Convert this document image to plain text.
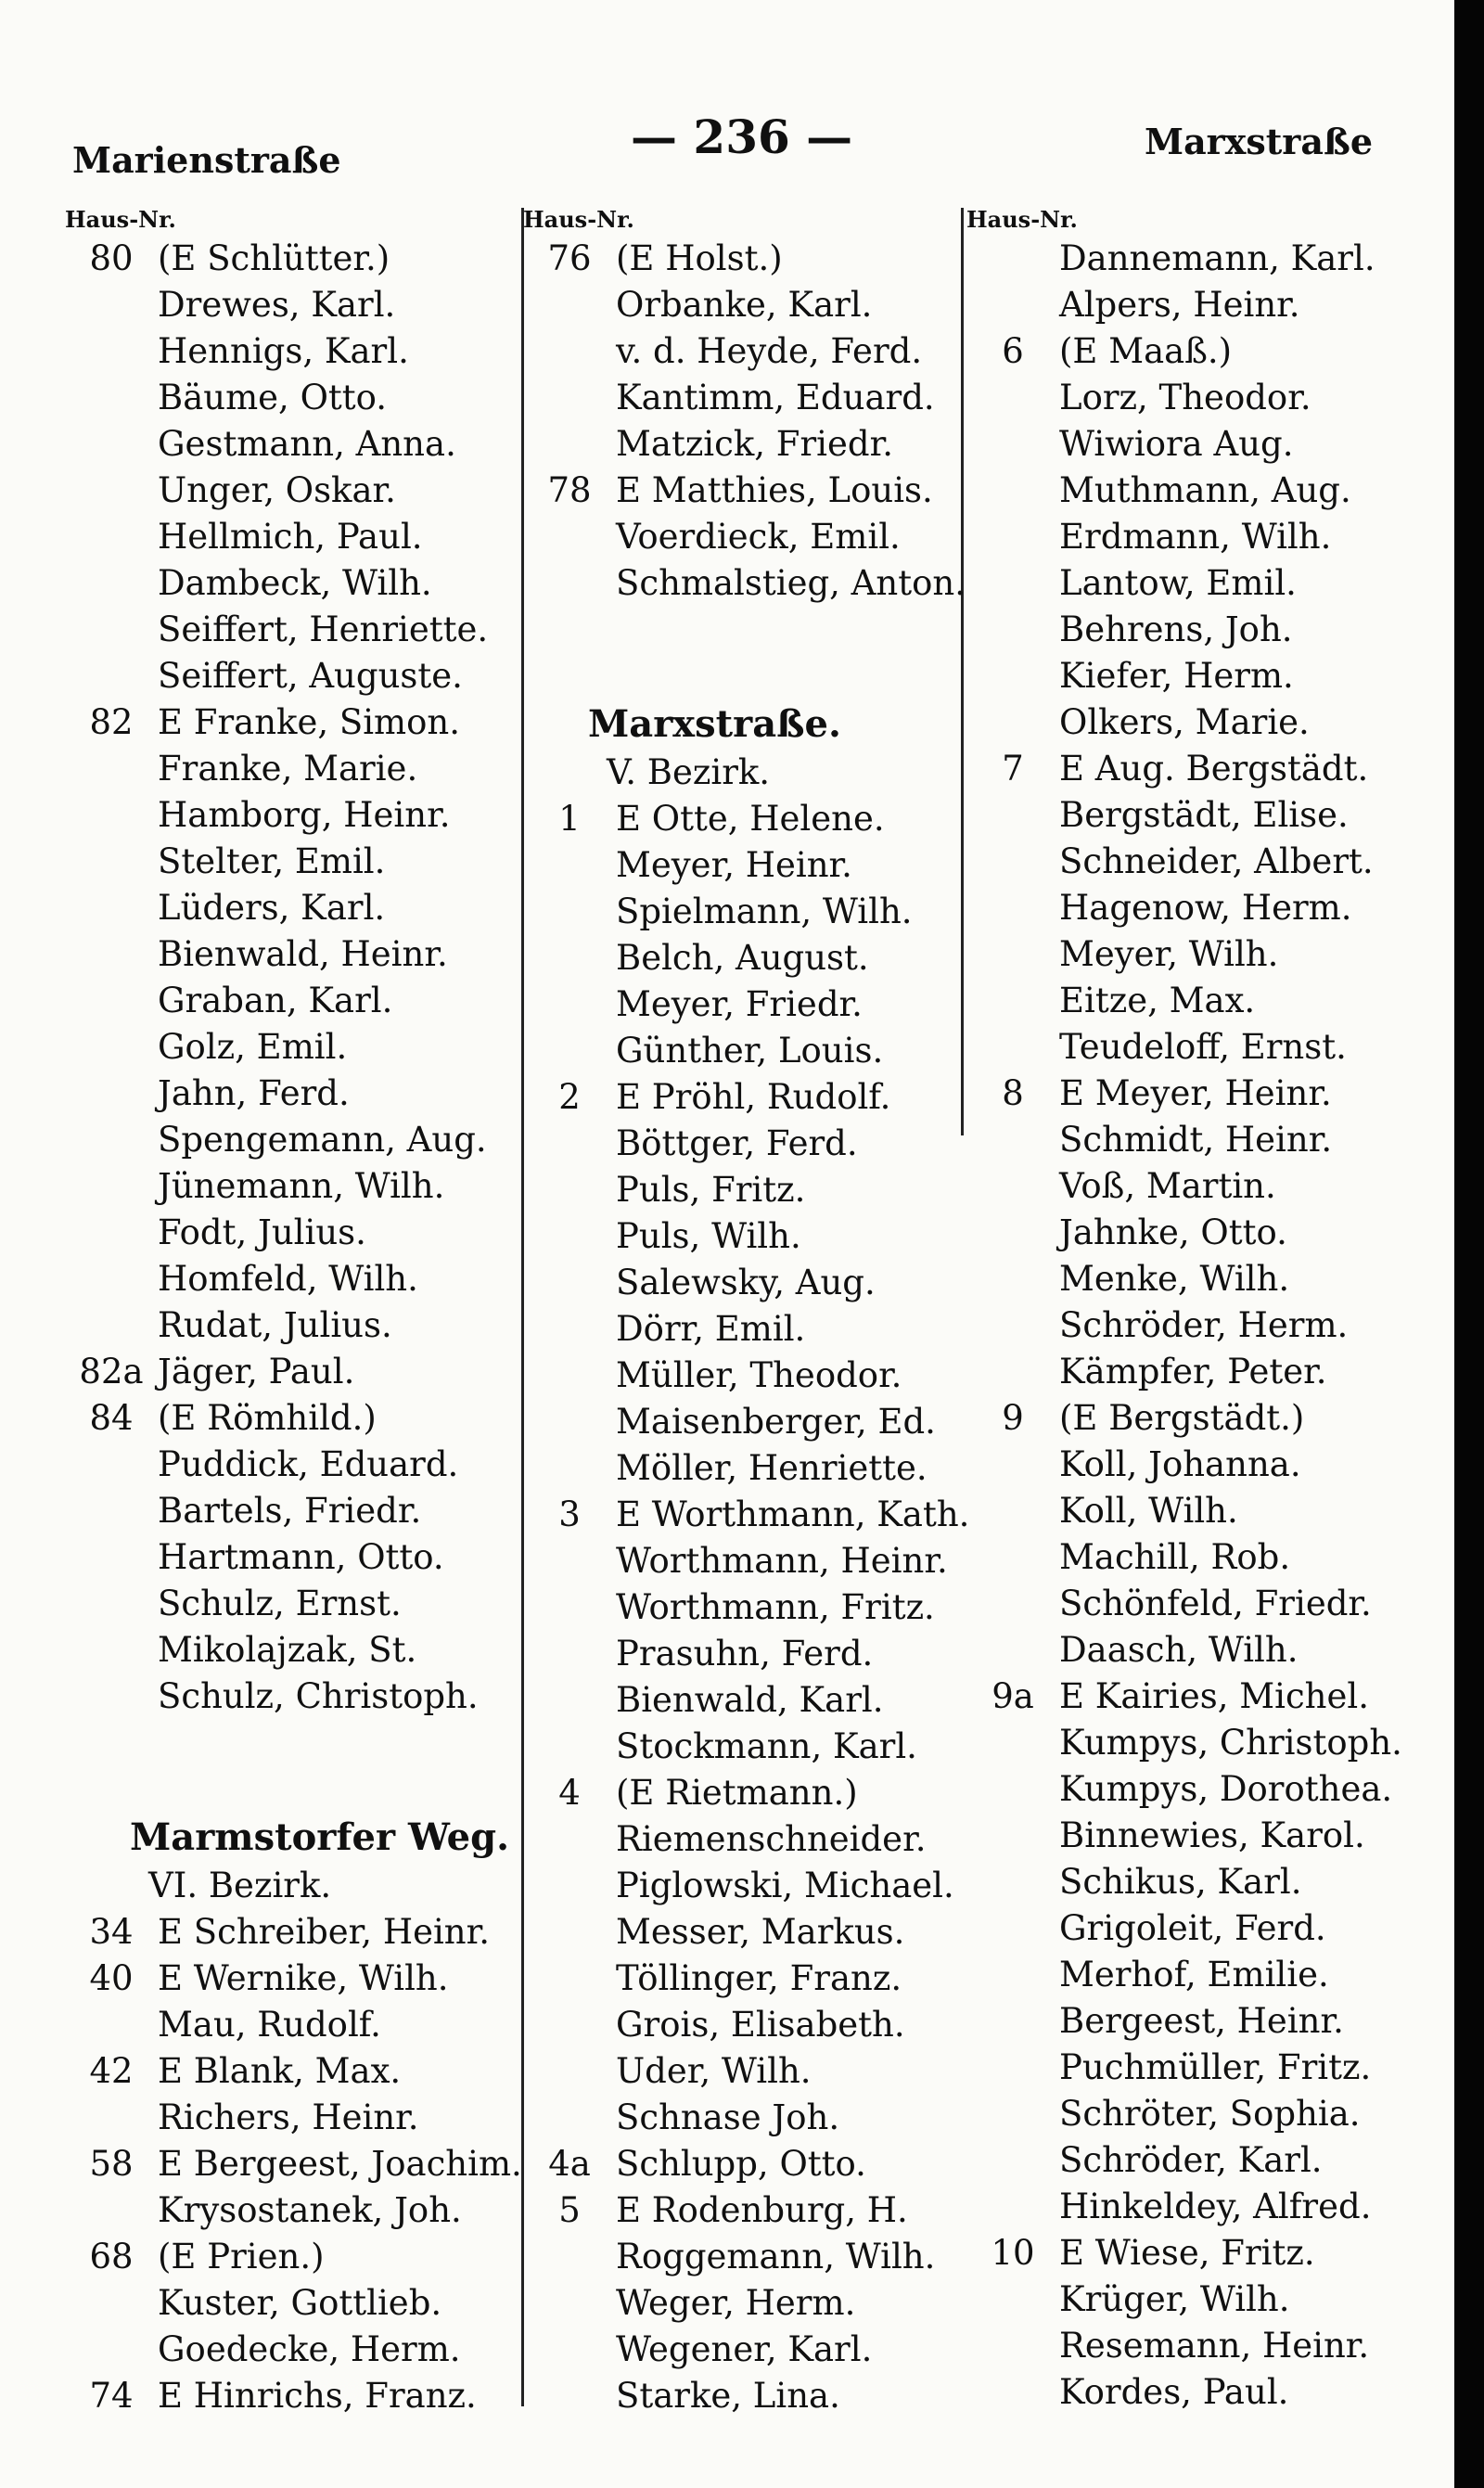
Marienstraße	— 236 —	Marxstraße
Haus-Nr.
80 (E Schlütter.)
Drewes, Karl.
Hennigs, Karl.
Bäume, Otto.
Gestmann, Anna.
Unger, Oskar.
Hellmich, Paul.
Dambeck, Wilh.
Seiffert, Henriette.
Seiffert, Auguste.
82 E Franke, Simon.
Franke, Marie.
Hamborg, Heinr.
Stelter, Emil.
Lüders, Karl.
Bienwald, Heinr.
Graban, Karl.
Golz, Emil.
Jahn, Ferd.
Spengemann, Aug.
Jünemann, Wilh.
Fodt, Julius.
Homfeld, Wilh.
Rudat, Julius.
82a Jäger, Paul.
84 (E Römhild.)
Puddick, Eduard.
Bartels, Friedr.
Hartmann, Otto.
Schulz, Ernst.
Mikolajzak, St.
Schulz, Christoph.
Marmstorfer Weg.
VI. Bezirk.
34 E Schreiber, Heinr.
40 E Wernike, Wilh.
Mau, Rudolf.
42 E Blank, Max.
Richers, Heinr.
58 E Bergeest, Joachim.
Krysostanek, Joh.
68 (E Prien.)
Kuster, Gottlieb.
Goedecke, Herm.
74 E Hinrichs, Franz.
Haus-Nr.
76 (E Holst.)
Orbanke, Karl.
v. d. Heyde, Ferd.
Kantimm, Eduard.
Matzick, Friedr.
78 E Matthies, Louis.
Voerdieck, Emil.
Schmalstieg, Anton.
Marxstraße.
V. Bezirk.
1	E Otte, Helene.
Meyer, Heinr.
Spielmann, Wilh.
Belch, August.
Meyer, Friedr.
Günther, Louis.
2	E Pröhl, Rudolf.
Böttger, Ferd.
Puls, Fritz.
Puls, Wilh.
Salewsky, Aug.
Dörr, Emil.
Müller, Theodor.
Maisenberger, Ed.
Möller, Henriette.
3	E Worthmann, Kath.
Worthmann, Heinr.
Worthmann, Fritz.
Prasuhn, Ferd.
Bienwald, Karl.
Stockmann, Karl.
4	(E Rietmann.)
Riemenschneider.
Piglowski, Michael.
Messer, Markus.
Töllinger, Franz.
Grois, Elisabeth.
Uder, Wilh.
Schnase Joh.
4a Schlupp, Otto.
5	E Rodenburg, H.
Roggemann, Wilh.
Weger, Herm.
Wegener, Karl.
Starke, Lina.
Haus-Nr.
Dannemann, Karl.
Alpers, Heinr.
6	(E Maaß.)
Lorz, Theodor.
Wiwiora Aug.
Muthmann, Aug.
Erdmann, Wilh.
Lantow, Emil.
Behrens, Joh.
Kiefer, Herm.
Olkers, Marie.
7	E Aug. Bergstädt.
Bergstädt, Elise.
Schneider, Albert.
Hagenow, Herm.
Meyer, Wilh.
Eitze, Max.
Teudeloff, Ernst.
8	E Meyer, Heinr.
Schmidt, Heinr.
Voß, Martin.
Jahnke, Otto.
Menke, Wilh.
Schröder, Herm.
Kämpfer, Peter.
9	(E Bergstädt.)
Koll, Johanna.
Koll, Wilh.
Machill, Rob.
Schönfeld, Friedr.
Daasch, Wilh.
9a E Kairies, Michel.
Kumpys, Christoph.
Kumpys, Dorothea.
Binnewies, Karol.
Schikus, Karl.
Grigoleit, Ferd.
Merhof, Emilie.
Bergeest, Heinr.
Puchmüller, Fritz.
Schröter, Sophia.
Schröder, Karl.
Hinkeldey, Alfred.
10 E Wiese, Fritz.
Krüger, Wilh.
Resemann, Heinr.
Kordes, Paul.
